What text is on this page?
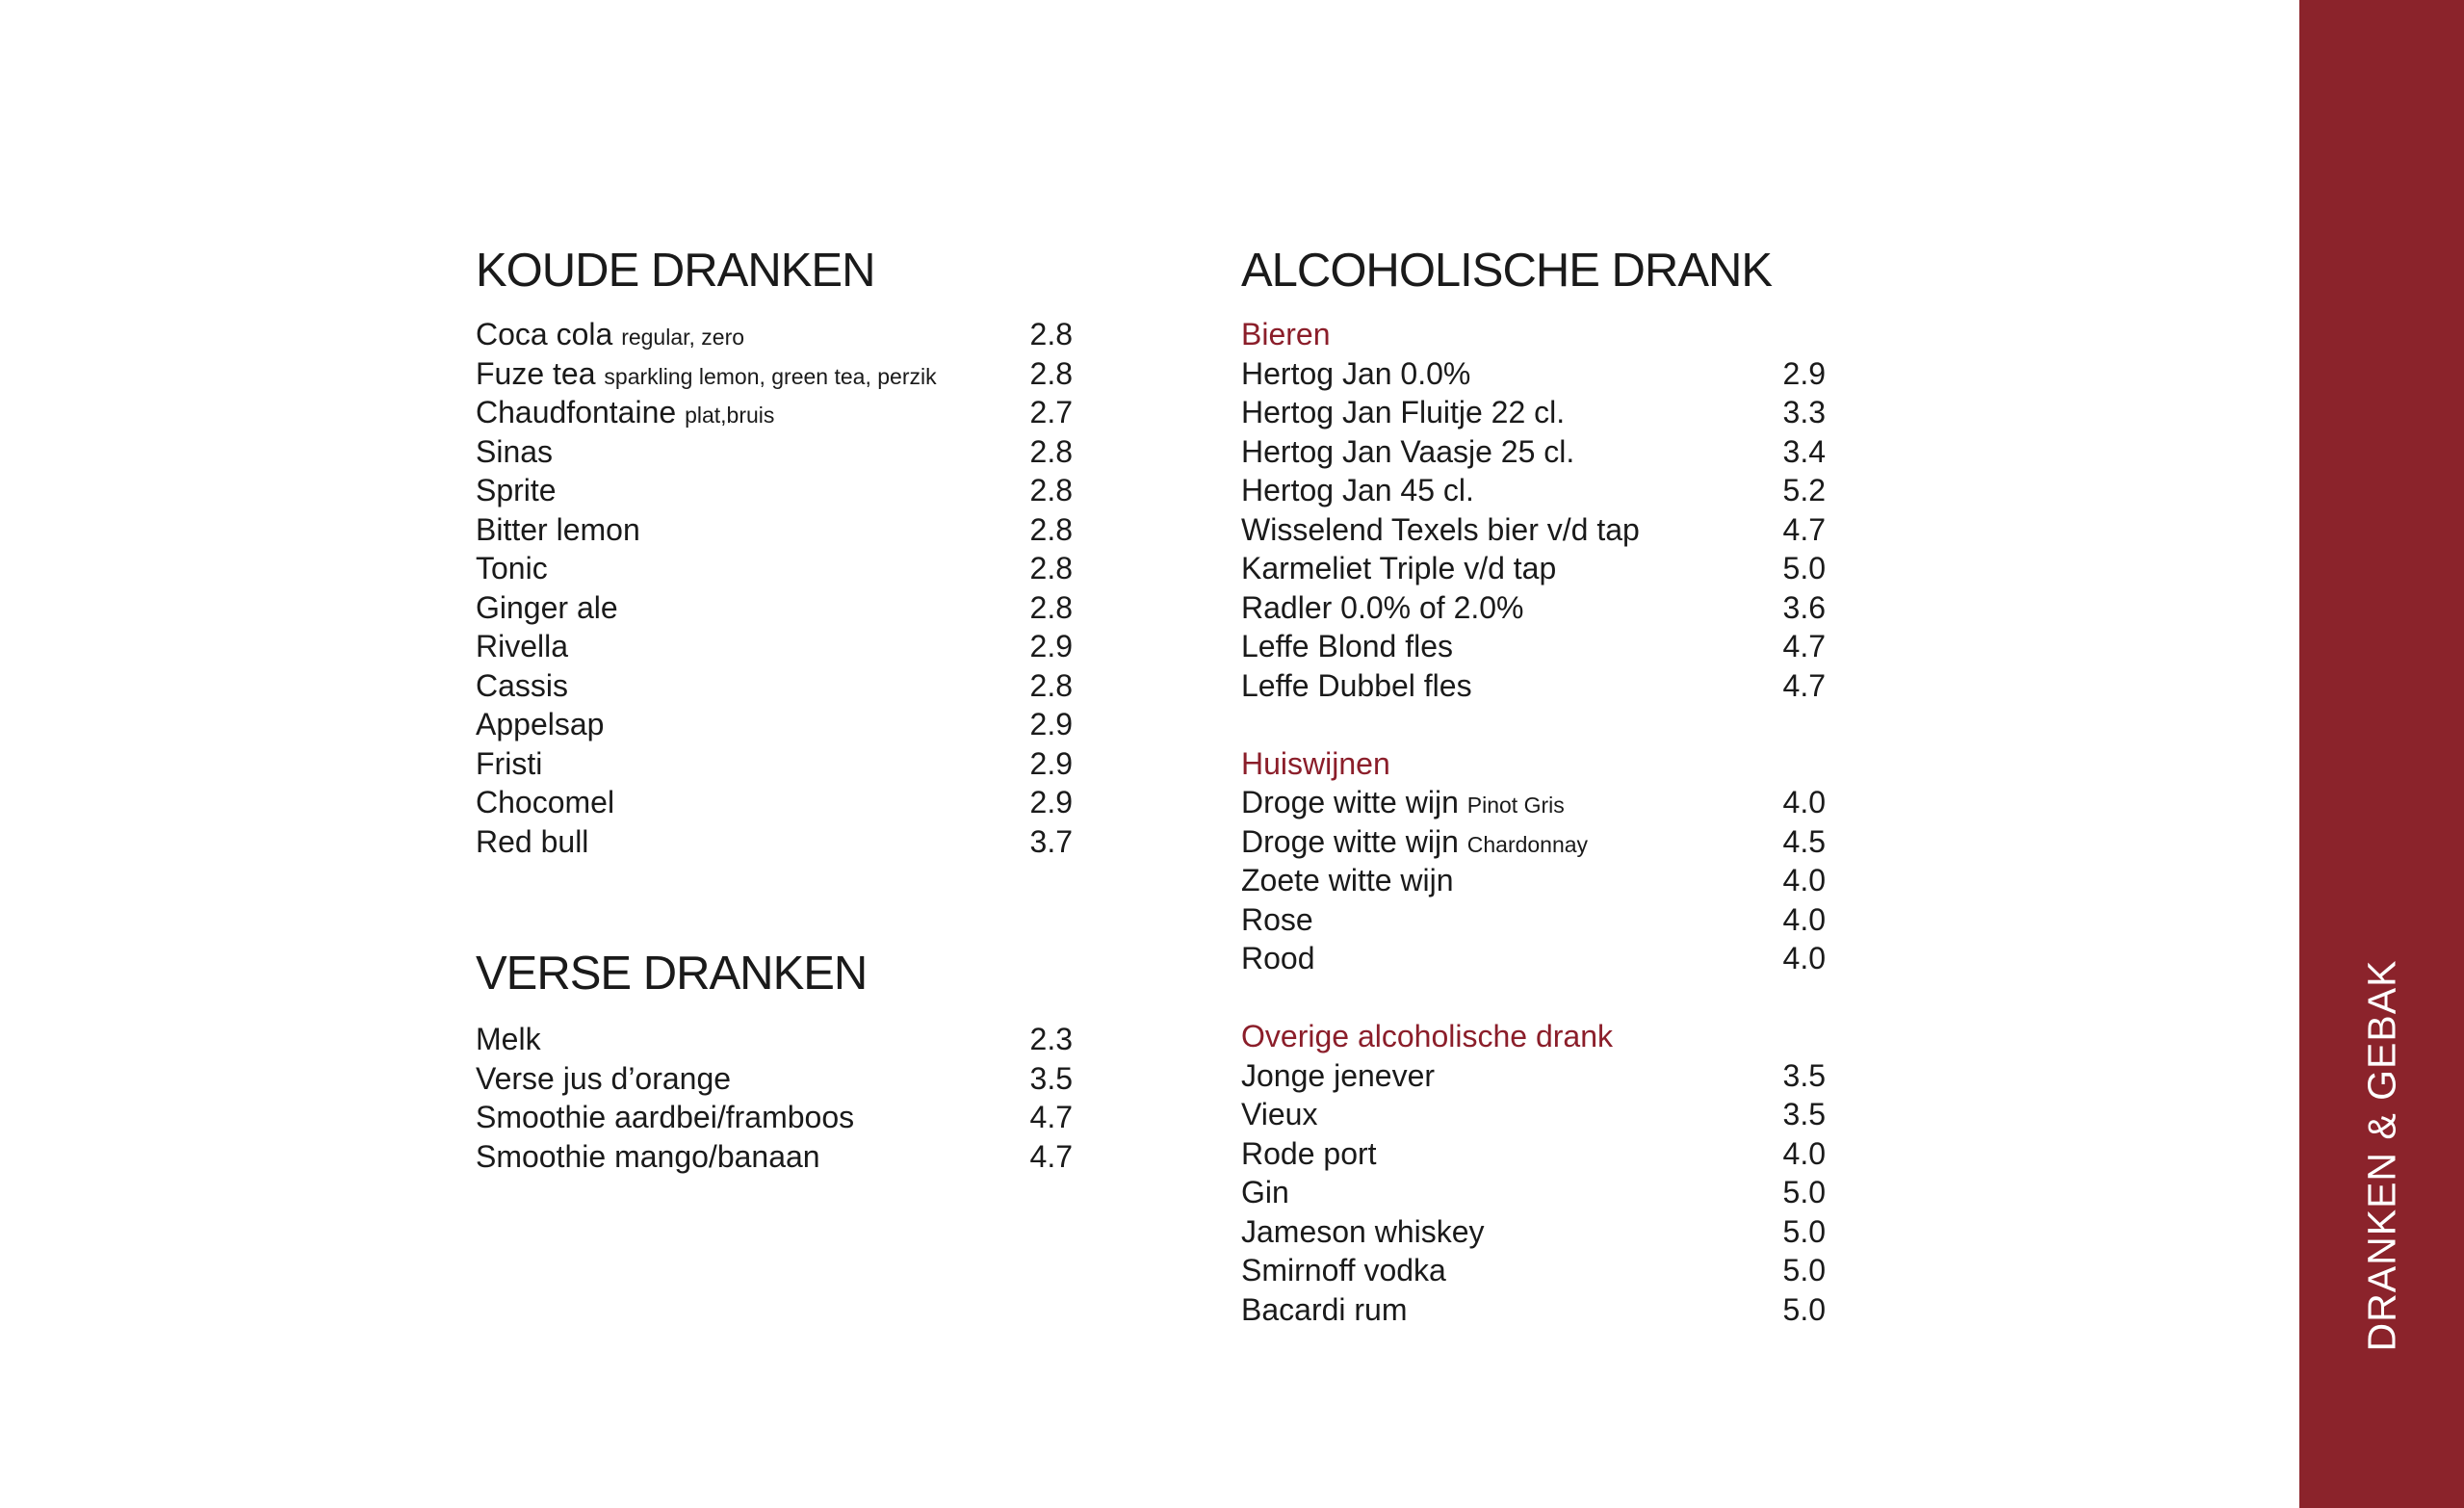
KOUDE DRANKEN
Coca cola regular, zero	2.8
Fuze tea sparkling lemon, green tea, perzik	2.8
Chaudfontaine plat,bruis	2.7
Sinas	2.8
Sprite	2.8
Bitter lemon	2.8
Tonic	2.8
Ginger ale	2.8
Rivella	2.9
Cassis	2.8
Appelsap	2.9
Fristi	2.9
Chocomel	2.9
Red bull	3.7
VERSE DRANKEN
Melk	2.3
Verse jus d’orange	3.5
Smoothie aardbei/framboos	4.7
Smoothie mango/banaan	4.7
ALCOHOLISCHE DRANK
Bieren
Hertog Jan 0.0%	2.9
Hertog Jan Fluitje 22 cl.	3.3
Hertog Jan Vaasje 25 cl.	3.4
Hertog Jan 45 cl.	5.2
Wisselend Texels bier v/d tap	4.7
Karmeliet Triple v/d tap	5.0
Radler 0.0% of 2.0%	3.6
Leffe Blond fles	4.7
Leffe Dubbel fles	4.7
Huiswijnen
Droge witte wijn Pinot Gris	4.0
Droge witte wijn Chardonnay	4.5
Zoete witte wijn	4.0
Rose	4.0
Rood	4.0
Overige alcoholische drank
Jonge jenever	3.5
Vieux	3.5
Rode port	4.0
Gin	5.0
Jameson whiskey	5.0
Smirnoff vodka	5.0
Bacardi rum	5.0	DRANKEN & GEBAK
